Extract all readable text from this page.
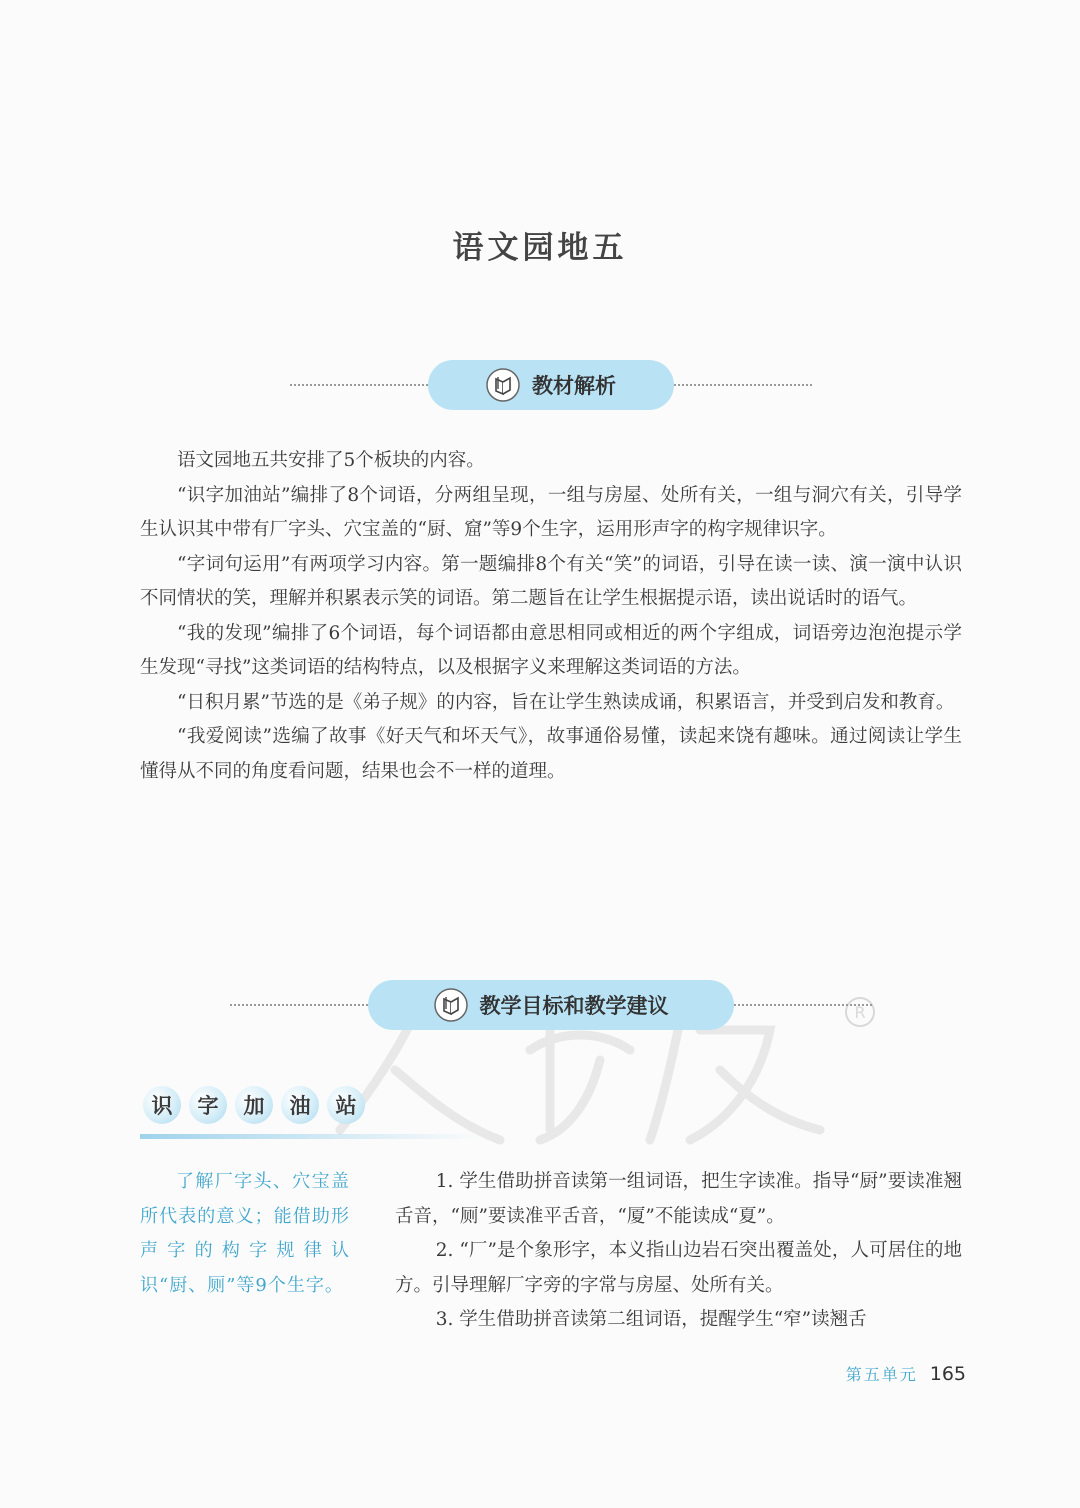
语文园地五
教材解析

语文园地五共安排了5个板块的内容。

“识字加油站”编排了8个词语，分两组呈现，一组与房屋、处所有关，一组与洞穴有关，引导学生认识其中带有厂字头、穴宝盖的“厨、窟”等9个生字，运用形声字的构字规律识字。

“字词句运用”有两项学习内容。第一题编排8个有关“笑”的词语，引导在读一读、演一演中认识不同情状的笑，理解并积累表示笑的词语。第二题旨在让学生根据提示语，读出说话时的语气。

“我的发现”编排了6个词语，每个词语都由意思相同或相近的两个字组成，词语旁边泡泡提示学生发现“寻找”这类词语的结构特点，以及根据字义来理解这类词语的方法。

“日积月累”节选的是《弟子规》的内容，旨在让学生熟读成诵，积累语言，并受到启发和教育。

“我爱阅读”选编了故事《好天气和坏天气》，故事通俗易懂，读起来饶有趣味。通过阅读让学生懂得从不同的角度看问题，结果也会不一样的道理。

R
教学目标和教学建议
识	字	加	油	站

了解厂字头、穴宝盖所代表的意义；能借助形声字的构字规律认识“厨、厕”等9个生字。

1. 学生借助拼音读第一组词语，把生字读准。指导“厨”要读准翘舌音，“厕”要读准平舌音，“厦”不能读成“夏”。

2. “厂”是个象形字，本义指山边岩石突出覆盖处，人可居住的地方。引导理解厂字旁的字常与房屋、处所有关。

3. 学生借助拼音读第二组词语，提醒学生“窄”读翘舌

第五单元 165
